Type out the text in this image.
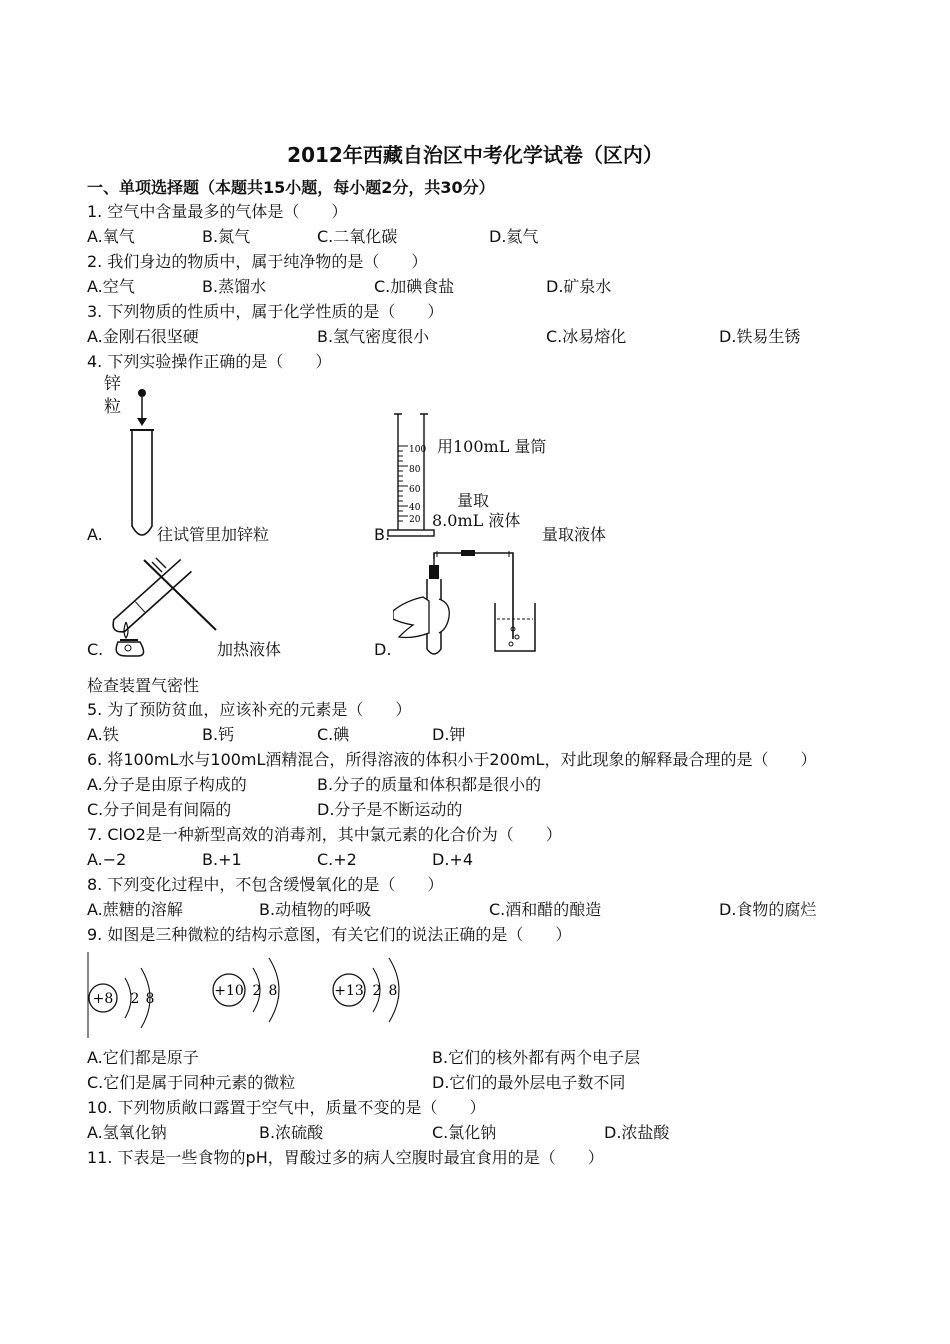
2012年西藏自治区中考化学试卷（区内）
一、单项选择题（本题共15小题，每小题2分，共30分）
1. 空气中含量最多的气体是（　　）
A.氧气	B.氮气	C.二氧化碳	D.氦气
2. 我们身边的物质中，属于纯净物的是（　　）
A.空气	B.蒸馏水	C.加碘食盐	D.矿泉水
3. 下列物质的性质中，属于化学性质的是（　　）
A.金刚石很坚硬	B.氢气密度很小	C.冰易熔化	D.铁易生锈
4. 下列实验操作正确的是（　　）
锌
粒
A.	往试管里加锌粒
100
80
60
40
20
用100mL 量筒
量取
8.0mL 液体
B.	量取液体
C.	加热液体	D.
检查装置气密性
5. 为了预防贫血，应该补充的元素是（　　）
A.铁	B.钙	C.碘	D.钾
6. 将100mL水与100mL酒精混合，所得溶液的体积小于200mL，对此现象的解释最合理的是（　　）
A.分子是由原子构成的	B.分子的质量和体积都是很小的
C.分子间是有间隔的	D.分子是不断运动的
7. ClO2是一种新型高效的消毒剂，其中氯元素的化合价为（　　）
A.−2	B.+1	C.+2	D.+4
8. 下列变化过程中，不包含缓慢氧化的是（　　）
A.蔗糖的溶解	B.动植物的呼吸	C.酒和醋的酿造	D.食物的腐烂
9. 如图是三种微粒的结构示意图，有关它们的说法正确的是（　　）
+8 2 8	+10 2 8	+13 2 8
A.它们都是原子	B.它们的核外都有两个电子层
C.它们是属于同种元素的微粒	D.它们的最外层电子数不同
10. 下列物质敞口露置于空气中，质量不变的是（　　）
A.氢氧化钠	B.浓硫酸	C.氯化钠	D.浓盐酸
11. 下表是一些食物的pH，胃酸过多的病人空腹时最宜食用的是（　　）
